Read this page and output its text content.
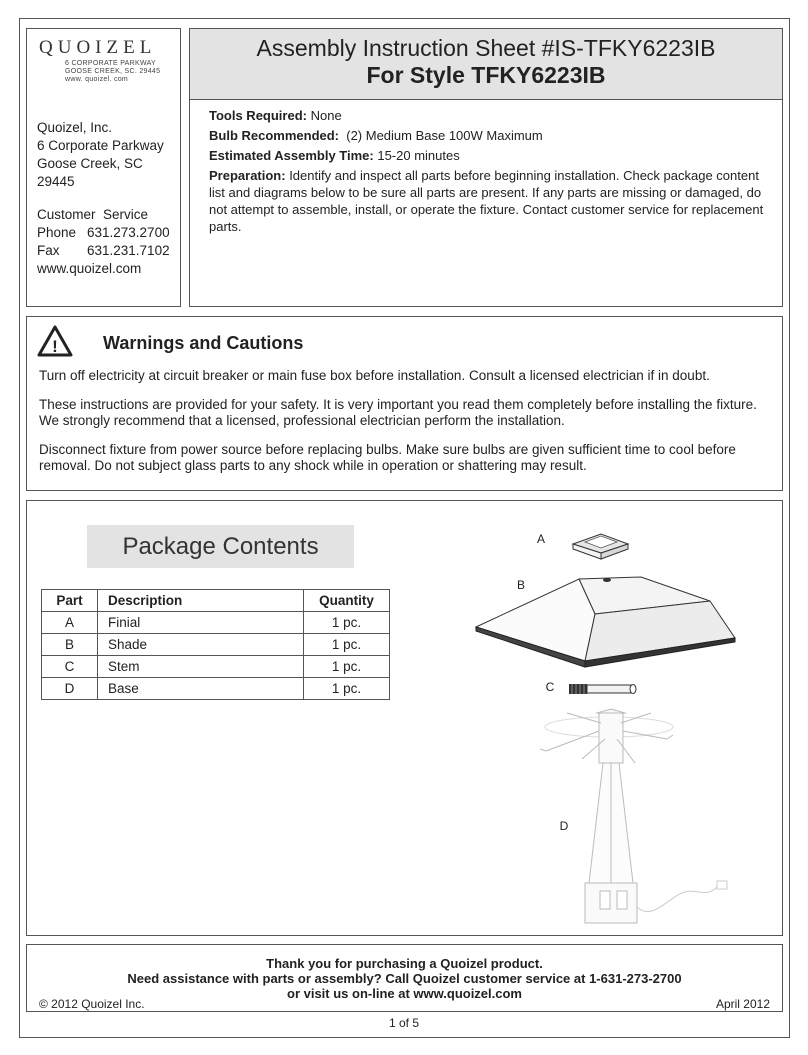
QUOIZEL
6 CORPORATE PARKWAY
GOOSE CREEK, SC. 29445
www. quoizel. com
Quoizel, Inc.
6 Corporate Parkway
Goose Creek, SC
29445
Customer  Service
Phone 631.273.2700
Fax	631.231.7102
www.quoizel.com
Assembly Instruction Sheet #IS-TFKY6223IB
For Style TFKY6223IB

Tools Required: None

Bulb Recommended:  (2) Medium Base 100W Maximum

Estimated Assembly Time: 15-20 minutes

Preparation: Identify and inspect all parts before beginning installation. Check package content list and diagrams below to be sure all parts are present. If any parts are missing or damaged, do not attempt to assemble, install, or operate the fixture. Contact customer service for replacement parts.

!	Warnings and Cautions
Turn off electricity at circuit breaker or main fuse box before installation. Consult a licensed electrician if in doubt.
These instructions are provided for your safety. It is very important you read them completely before installing the fixture. We strongly recommend that a licensed, professional electrician perform the installation.
Disconnect fixture from power source before replacing bulbs. Make sure bulbs are given sufficient time to cool before removal. Do not subject glass parts to any shock while in operation or shattering may result.
Package Contents
Part	Description	Quantity
A	Finial	1 pc.
B	Shade	1 pc.
C	Stem	1 pc.
D	Base	1 pc.
A
B
C
D
Thank you for purchasing a Quoizel product.
Need assistance with parts or assembly? Call Quoizel customer service at 1-631-273-2700
or visit us on-line at www.quoizel.com
© 2012 Quoizel Inc.	April 2012
1 of 5
